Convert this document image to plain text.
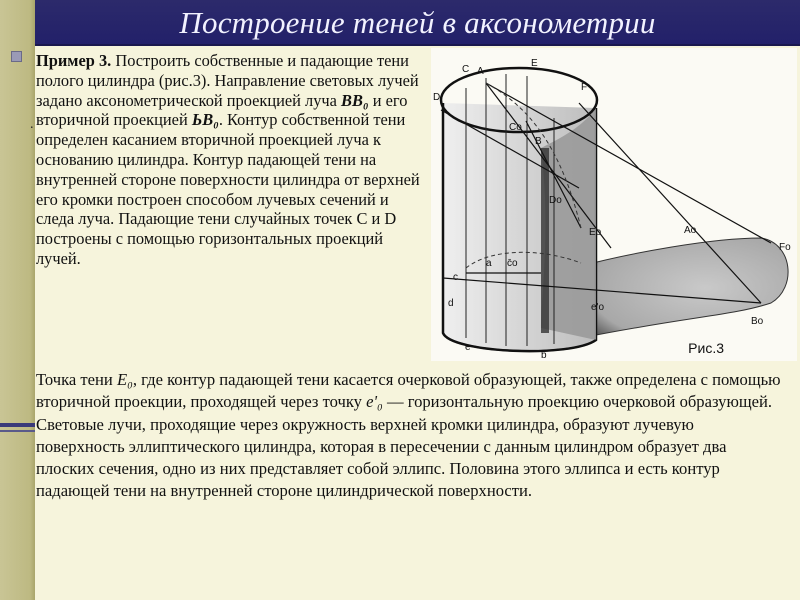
Построение теней в аксонометрии
.
Пример 3. Построить собственные и падающие тени полого цилиндра (рис.3). Направление световых лучей задано аксонометрической проекцией луча BB₀ и его вторичной проекцией ЬB₀. Контур собственной тени определен касанием вторичной проекцией луча к основанию цилиндра. Контур падающей тени на внутренней стороне поверхности цилиндра от верхней его кромки построен способом лучевых сечений и следа луча. Падающие тени случайных точек С и D построены с помощью горизонтальных проекций лучей.
C A
E
D
F
Co
B
Do
Eo	Ao
Fo
Bo
c
a c̄o
d	e'o
e
b	Рис.3
Точка тени E₀, где контур падающей тени касается очерковой образующей, также определена с помощью вторичной проекции, проходящей через точку e'₀ — горизонтальную проекцию очерковой образующей. Световые лучи, проходящие через окружность верхней кромки цилиндра, образуют лучевую поверхность эллиптического цилиндра, которая в пересечении с данным цилиндром образует два плоских сечения, одно из них представляет собой эллипс. Половина этого эллипса и есть контур падающей тени на внутренней стороне цилиндрической поверхности.
